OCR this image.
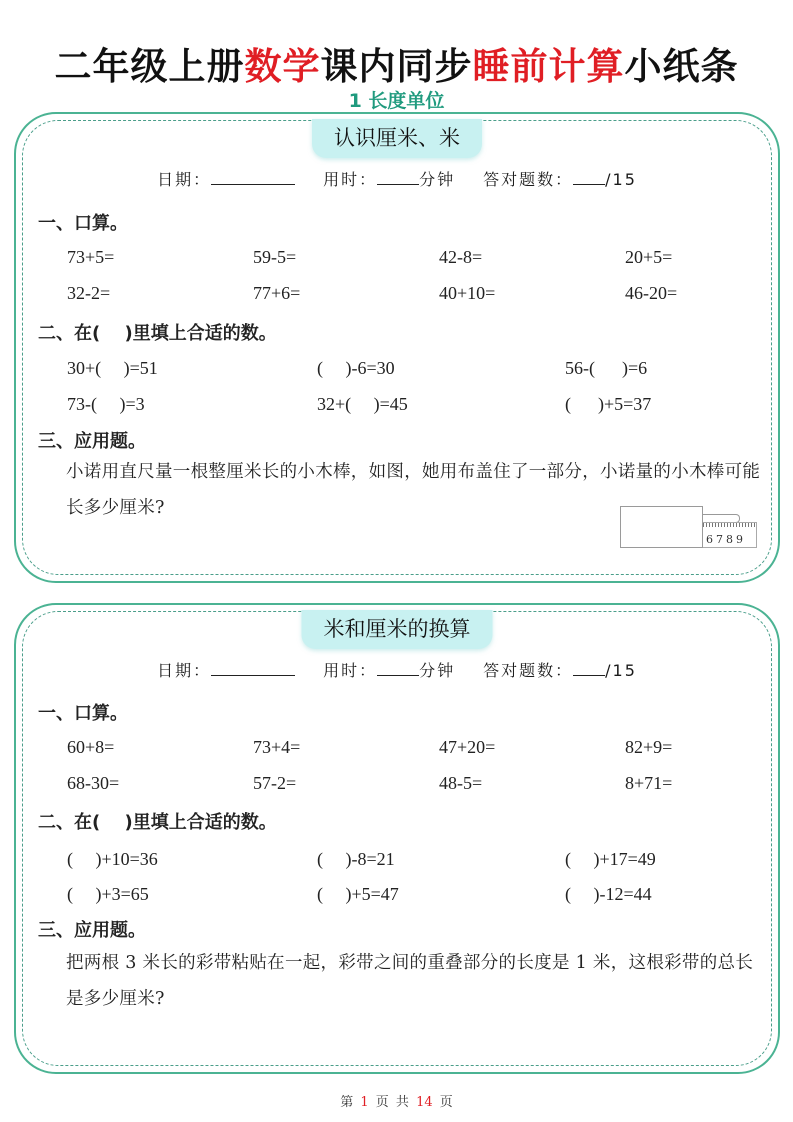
二年级上册数学课内同步睡前计算小纸条
1 长度单位
认识厘米、米
日期：	用时：	分钟 答对题数： /15
一、口算。
73+5=	59-5=	42-8=	20+5=
32-2=	77+6=	40+10=	46-20=
二、在(　 )里填上合适的数。
30+(　 )=51	(　 )-6=30	56-(　  )=6
73-(　 )=3	32+(　 )=45	(　  )+5=37
三、应用题。
小诺用直尺量一根整厘米长的小木棒，如图，她用布盖住了一部分，小诺量的小木棒可能长多少厘米?
6789
米和厘米的换算
日期：	用时：	分钟 答对题数： /15
一、口算。
60+8=	73+4=	47+20=	82+9=
68-30=	57-2=	48-5=	8+71=
二、在(　 )里填上合适的数。
(　 )+10=36	(　 )-8=21	(　 )+17=49
(　 )+3=65	(　 )+5=47	(　 )-12=44
三、应用题。
把两根 3 米长的彩带粘贴在一起，彩带之间的重叠部分的长度是 1 米，这根彩带的总长是多少厘米?
第 1 页 共 14 页
